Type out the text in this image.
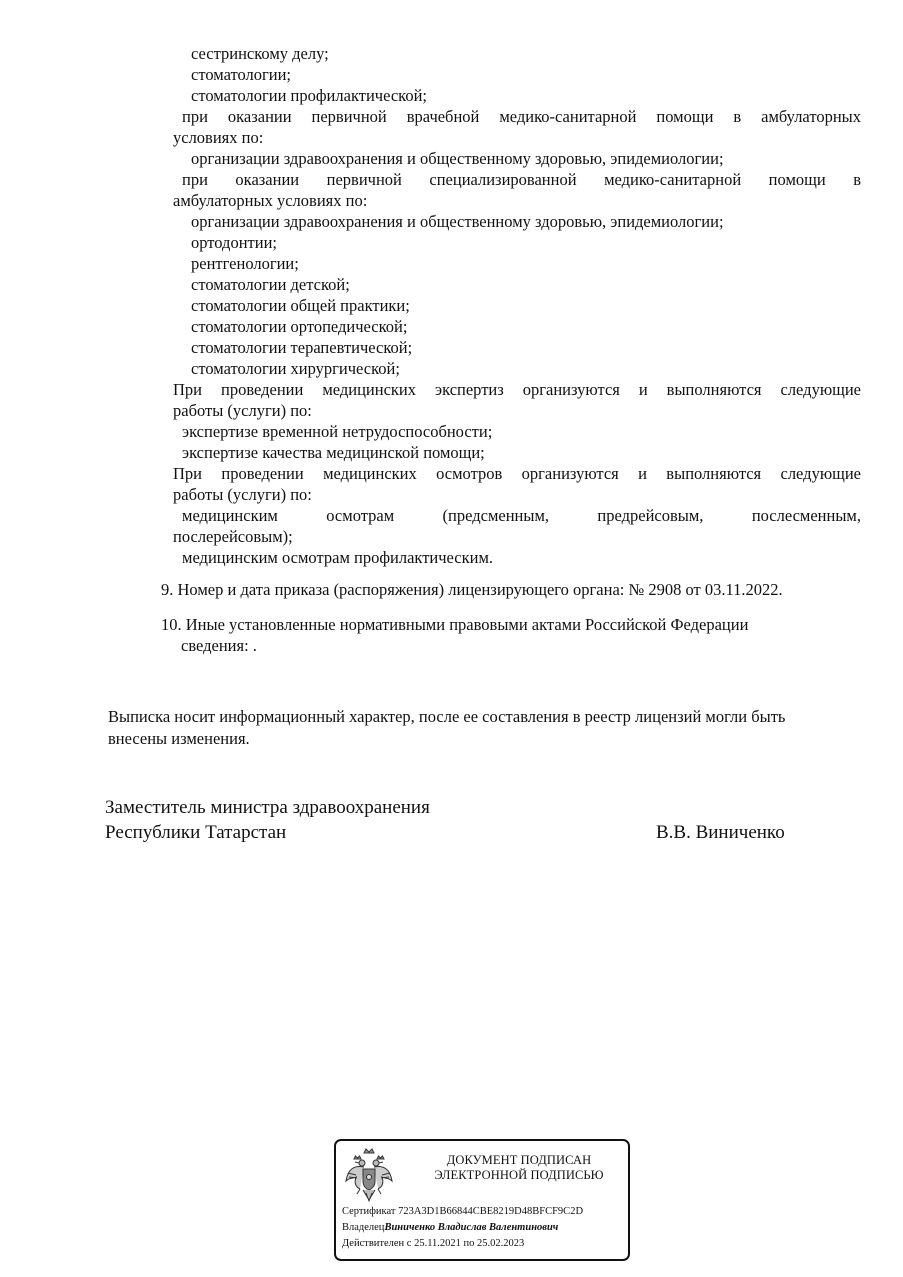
сестринскому делу;
стоматологии;
стоматологии профилактической;
при оказании первичной врачебной медико-санитарной помощи в амбулаторных
условиях по:
организации здравоохранения и общественному здоровью, эпидемиологии;
при оказании первичной специализированной медико-санитарной помощи в
амбулаторных условиях по:
организации здравоохранения и общественному здоровью, эпидемиологии;
ортодонтии;
рентгенологии;
стоматологии детской;
стоматологии общей практики;
стоматологии ортопедической;
стоматологии терапевтической;
стоматологии хирургической;
При проведении медицинских экспертиз организуются и выполняются следующие
работы (услуги) по:
экспертизе временной нетрудоспособности;
экспертизе качества медицинской помощи;
При проведении медицинских осмотров организуются и выполняются следующие
работы (услуги) по:
медицинским осмотрам (предсменным, предрейсовым, послесменным,
послерейсовым);
медицинским осмотрам профилактическим.
9. Номер и дата приказа (распоряжения) лицензирующего органа: № 2908 от 03.11.2022.
10. Иные установленные нормативными правовыми актами Российской Федерации
сведения: .
Выписка носит информационный характер, после ее составления в реестр лицензий могли быть
внесены изменения.
Заместитель министра здравоохранения
Республики Татарстан	В.В. Виниченко
ДОКУМЕНТ ПОДПИСАН
ЭЛЕКТРОННОЙ ПОДПИСЬЮ
Сертификат 723A3D1B66844CBE8219D48BFCF9C2D
ВладелецВиниченко Владислав Валентинович
Действителен с 25.11.2021 по 25.02.2023
